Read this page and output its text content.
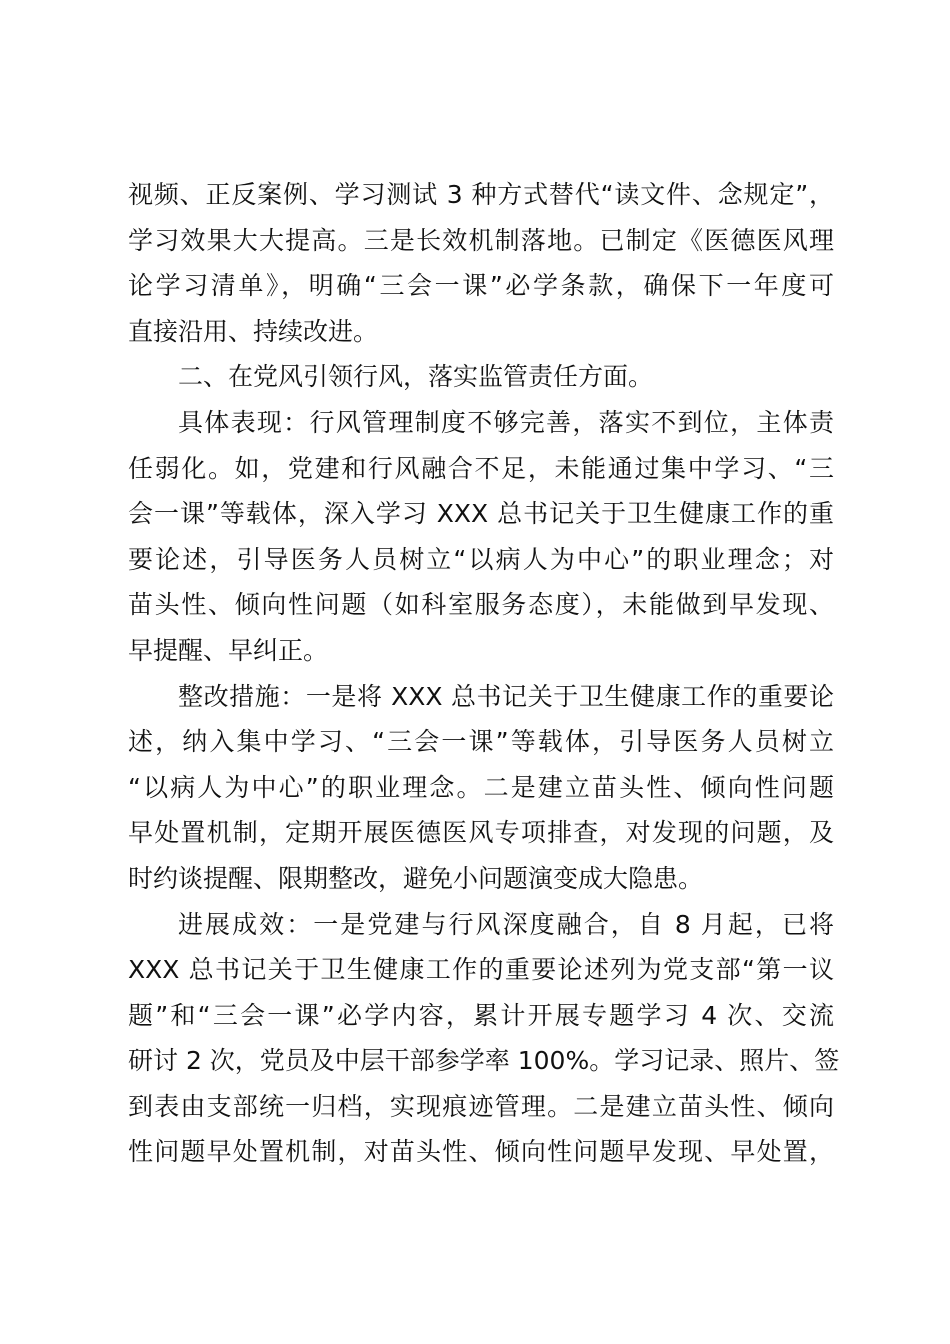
视频、正反案例、学习测试 3 种方式替代“读文件、念规定”，
学习效果大大提高。三是长效机制落地。已制定《医德医风理
论学习清单》，明确“三会一课”必学条款，确保下一年度可
直接沿用、持续改进。
二、在党风引领行风，落实监管责任方面。
具体表现：行风管理制度不够完善，落实不到位，主体责
任弱化。如，党建和行风融合不足，未能通过集中学习、“三
会一课”等载体，深入学习 XXX 总书记关于卫生健康工作的重
要论述，引导医务人员树立“以病人为中心”的职业理念；对
苗头性、倾向性问题（如科室服务态度），未能做到早发现、
早提醒、早纠正。
整改措施：一是将 XXX 总书记关于卫生健康工作的重要论
述，纳入集中学习、“三会一课”等载体，引导医务人员树立
“以病人为中心”的职业理念。二是建立苗头性、倾向性问题
早处置机制，定期开展医德医风专项排查，对发现的问题，及
时约谈提醒、限期整改，避免小问题演变成大隐患。
进展成效：一是党建与行风深度融合，自 8 月起，已将
XXX 总书记关于卫生健康工作的重要论述列为党支部“第一议
题”和“三会一课”必学内容，累计开展专题学习 4 次、交流
研讨 2 次，党员及中层干部参学率 100%。学习记录、照片、签
到表由支部统一归档，实现痕迹管理。二是建立苗头性、倾向
性问题早处置机制，对苗头性、倾向性问题早发现、早处置，
